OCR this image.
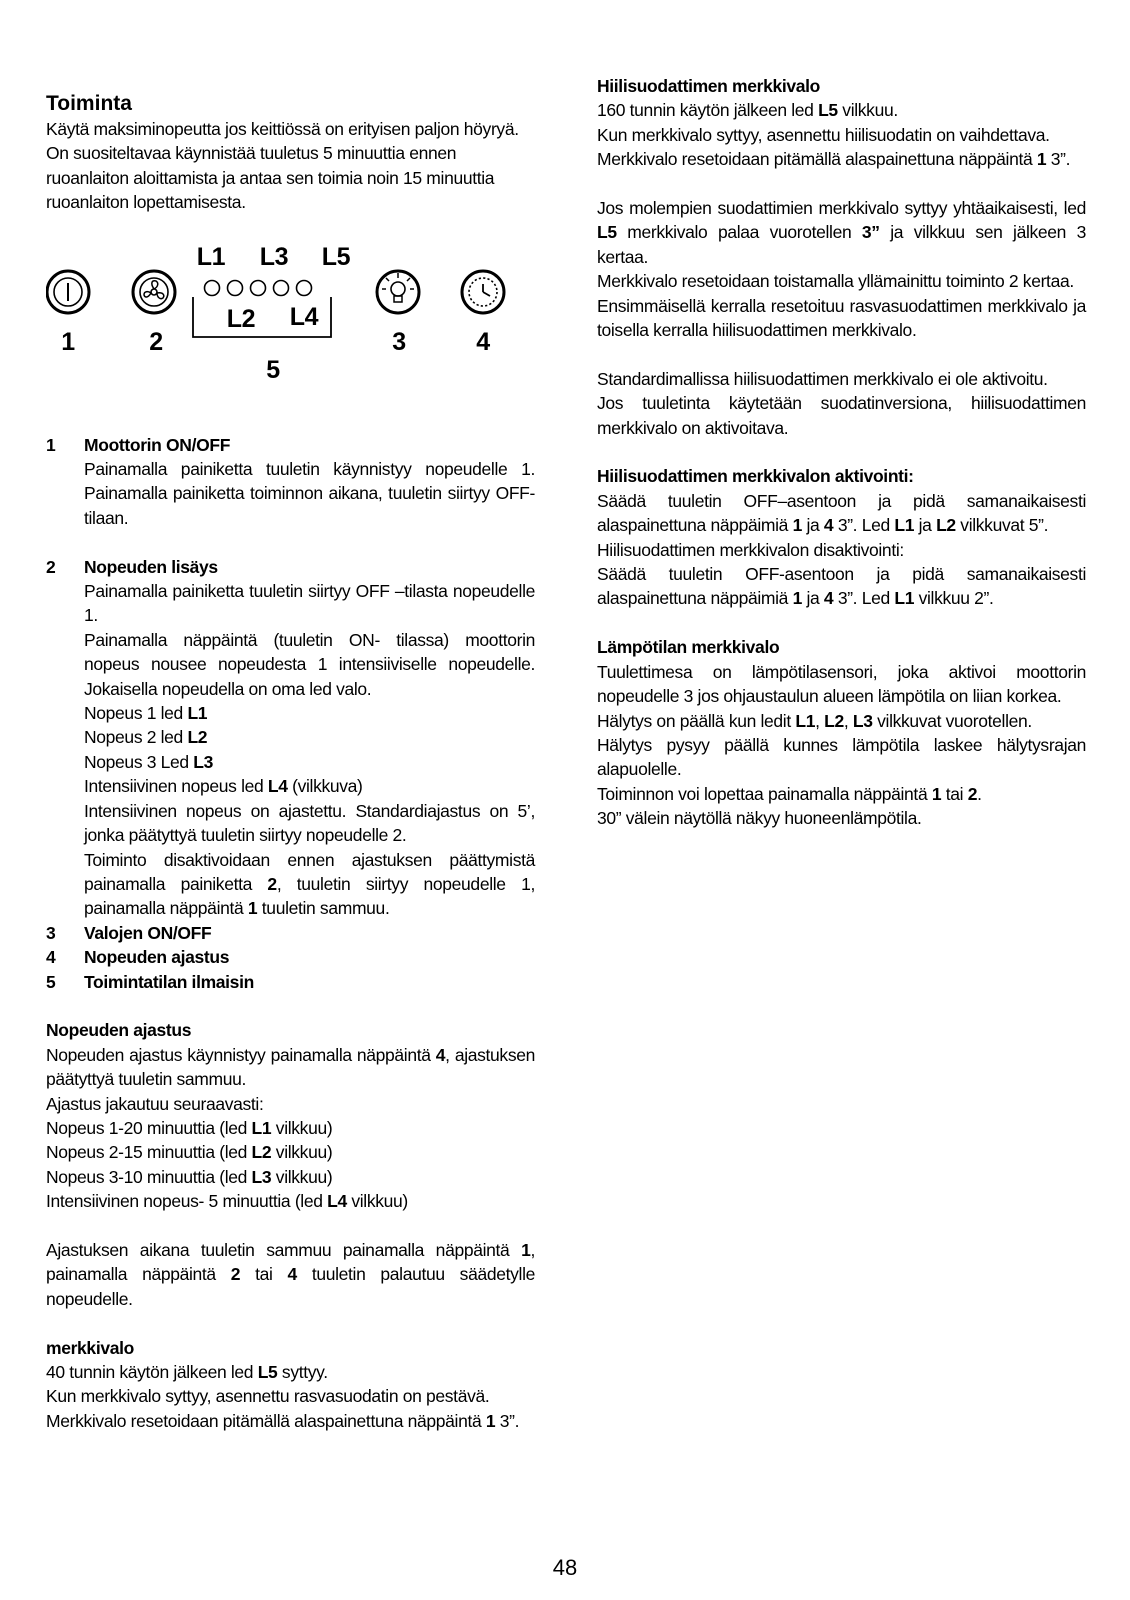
Toiminta

Käytä maksiminopeutta jos keittiössä on erityisen paljon höyryä. On suositeltavaa käynnistää tuuletus 5 minuuttia ennen ruoanlaiton aloittamista ja antaa sen toimia noin 15 minuuttia ruoanlaiton lopettamisesta.

L1 L3 L5
L2 L4
1	2	3	4
5
1	Moottorin ON/OFF

Painamalla painiketta tuuletin käynnistyy nopeudelle 1. Painamalla painiketta toiminnon aikana, tuuletin siirtyy OFF-tilaan.

2	Nopeuden lisäys

Painamalla painiketta tuuletin siirtyy OFF –tilasta nopeudelle 1.

Painamalla näppäintä (tuuletin ON- tilassa) moottorin nopeus nousee nopeudesta 1 intensiiviselle nopeudelle. Jokaisella nopeudella on oma led valo.

Nopeus 1 led L1

Nopeus 2 led L2

Nopeus 3 Led L3

Intensiivinen nopeus led L4 (vilkkuva)

Intensiivinen nopeus on ajastettu. Standardiajastus on 5’, jonka päätyttyä tuuletin siirtyy nopeudelle 2.

Toiminto disaktivoidaan ennen ajastuksen päättymistä painamalla painiketta 2, tuuletin siirtyy nopeudelle 1, painamalla näppäintä 1 tuuletin sammuu.

3	Valojen ON/OFF
4	Nopeuden ajastus
5	Toimintatilan ilmaisin

Nopeuden ajastus

Nopeuden ajastus käynnistyy painamalla näppäintä 4, ajastuksen päätyttyä tuuletin sammuu.

Ajastus jakautuu seuraavasti:

Nopeus 1-20 minuuttia (led L1 vilkkuu)

Nopeus 2-15 minuuttia (led L2 vilkkuu)

Nopeus 3-10 minuuttia (led L3 vilkkuu)

Intensiivinen nopeus- 5 minuuttia (led L4 vilkkuu)

Ajastuksen aikana tuuletin sammuu painamalla näppäintä 1, painamalla näppäintä 2 tai 4 tuuletin palautuu säädetylle nopeudelle.

merkkivalo

40 tunnin käytön jälkeen led L5 syttyy.

Kun merkkivalo syttyy, asennettu rasvasuodatin on pestävä.

Merkkivalo resetoidaan pitämällä alaspainettuna näppäintä 1 3”.

Hiilisuodattimen merkkivalo

160 tunnin käytön jälkeen led L5 vilkkuu.

Kun merkkivalo syttyy, asennettu hiilisuodatin on vaihdettava.

Merkkivalo resetoidaan pitämällä alaspainettuna näppäintä 1 3”.

Jos molempien suodattimien merkkivalo syttyy yhtäaikaisesti, led L5 merkkivalo palaa vuorotellen 3” ja vilkkuu sen jälkeen 3 kertaa.

Merkkivalo resetoidaan toistamalla yllämainittu toiminto 2 kertaa.

Ensimmäisellä kerralla resetoituu rasvasuodattimen merkkivalo ja toisella kerralla hiilisuodattimen merkkivalo.

Standardimallissa hiilisuodattimen merkkivalo ei ole aktivoitu.

Jos tuuletinta käytetään suodatinversiona, hiilisuodattimen merkkivalo on aktivoitava.

Hiilisuodattimen merkkivalon aktivointi:

Säädä tuuletin OFF–asentoon ja pidä samanaikaisesti alaspainettuna näppäimiä 1 ja 4 3”. Led L1 ja L2 vilkkuvat 5”.

Hiilisuodattimen merkkivalon disaktivointi:

Säädä tuuletin OFF-asentoon ja pidä samanaikaisesti alaspainettuna näppäimiä 1 ja 4 3”. Led L1 vilkkuu 2”.

Lämpötilan merkkivalo

Tuulettimesa on lämpötilasensori, joka aktivoi moottorin nopeudelle 3 jos ohjaustaulun alueen lämpötila on liian korkea.

Hälytys on päällä kun ledit L1, L2, L3 vilkkuvat vuorotellen.

Hälytys pysyy päällä kunnes lämpötila laskee hälytysrajan alapuolelle.

Toiminnon voi lopettaa painamalla näppäintä 1 tai 2.

30” välein näytöllä näkyy huoneenlämpötila.

48
